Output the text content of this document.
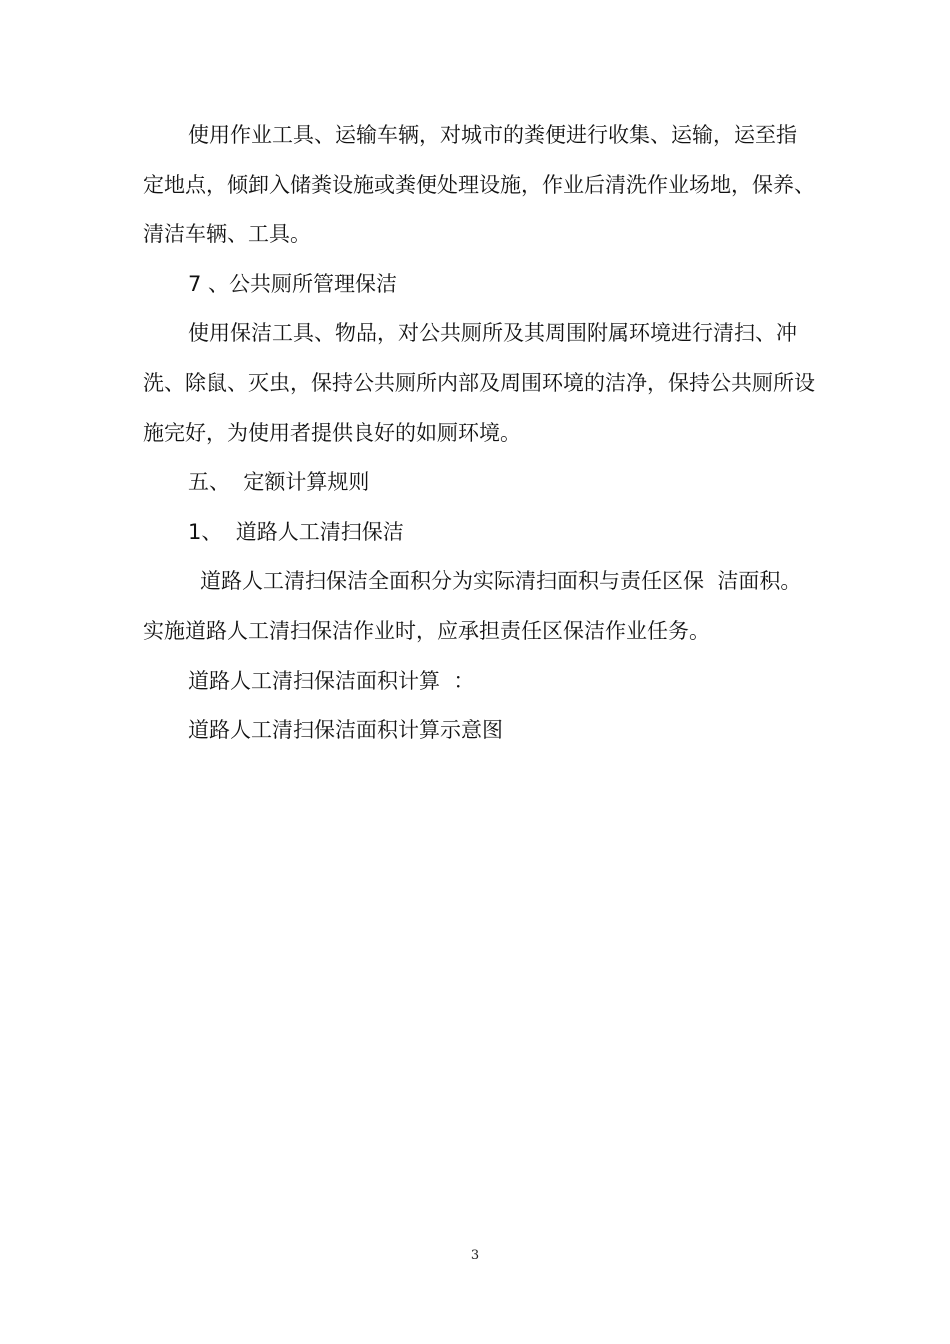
使用作业工具、运输车辆，对城市的粪便进行收集、运输，运至指定地点，倾卸入储粪设施或粪便处理设施，作业后清洗作业场地，保养、清洁车辆、工具。

7 、公共厕所管理保洁

使用保洁工具、物品，对公共厕所及其周围附属环境进行清扫、冲洗、除鼠、灭虫，保持公共厕所内部及周围环境的洁净，保持公共厕所设施完好，为使用者提供良好的如厕环境。

五、  定额计算规则

1、  道路人工清扫保洁

道路人工清扫保洁全面积分为实际清扫面积与责任区保  洁面积。实施道路人工清扫保洁作业时，应承担责任区保洁作业任务。

道路人工清扫保洁面积计算  ：

道路人工清扫保洁面积计算示意图

3
